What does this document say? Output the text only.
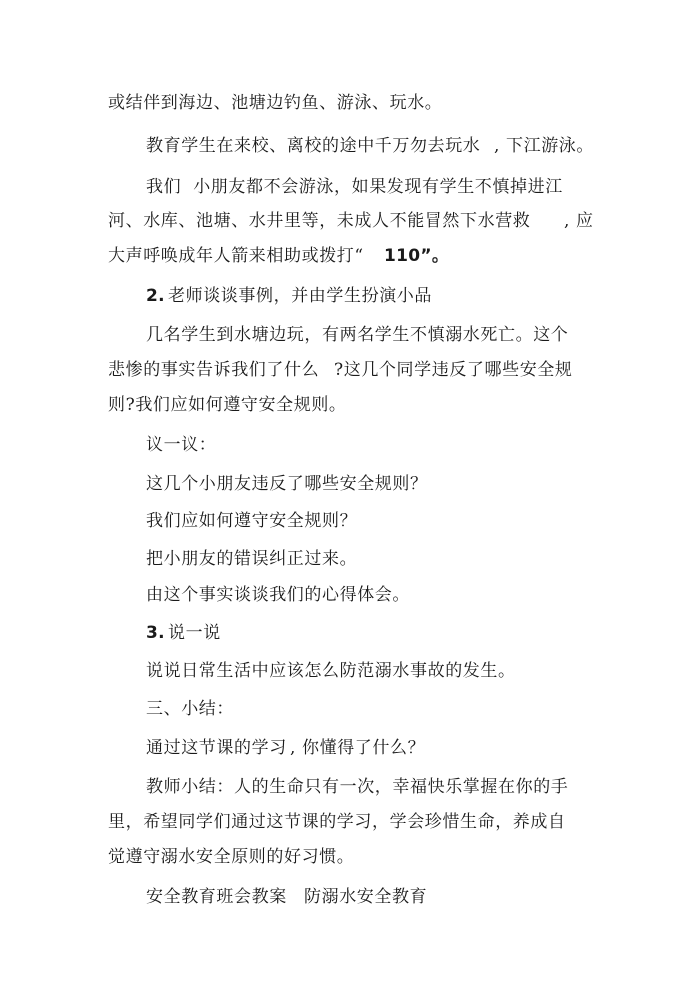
或结伴到海边、池塘边钓鱼、游泳、玩水。
教育学生在来校、离校的途中千万勿去玩水 , 下江游泳。
我们  小朋友都不会游泳，如果发现有学生不慎掉进江
河、水库、池塘、水井里等，未成人不能冒然下水营救 , 应
大声呼唤成年人箭来相助或拨打“ 110”。
2. 老师谈谈事例，并由学生扮演小品
几名学生到水塘边玩，有两名学生不慎溺水死亡。这个
悲惨的事实告诉我们了什么 ?这几个同学违反了哪些安全规
则?我们应如何遵守安全规则。
议一议：
这几个小朋友违反了哪些安全规则？
我们应如何遵守安全规则？
把小朋友的错误纠正过来。
由这个事实谈谈我们的心得体会。
3. 说一说
说说日常生活中应该怎么防范溺水事故的发生。
三、小结：
通过这节课的学习 , 你懂得了什么？
教师小结：人的生命只有一次，幸福快乐掌握在你的手
里，希望同学们通过这节课的学习，学会珍惜生命，养成自
觉遵守溺水安全原则的好习惯。
安全教育班会教案 防溺水安全教育
